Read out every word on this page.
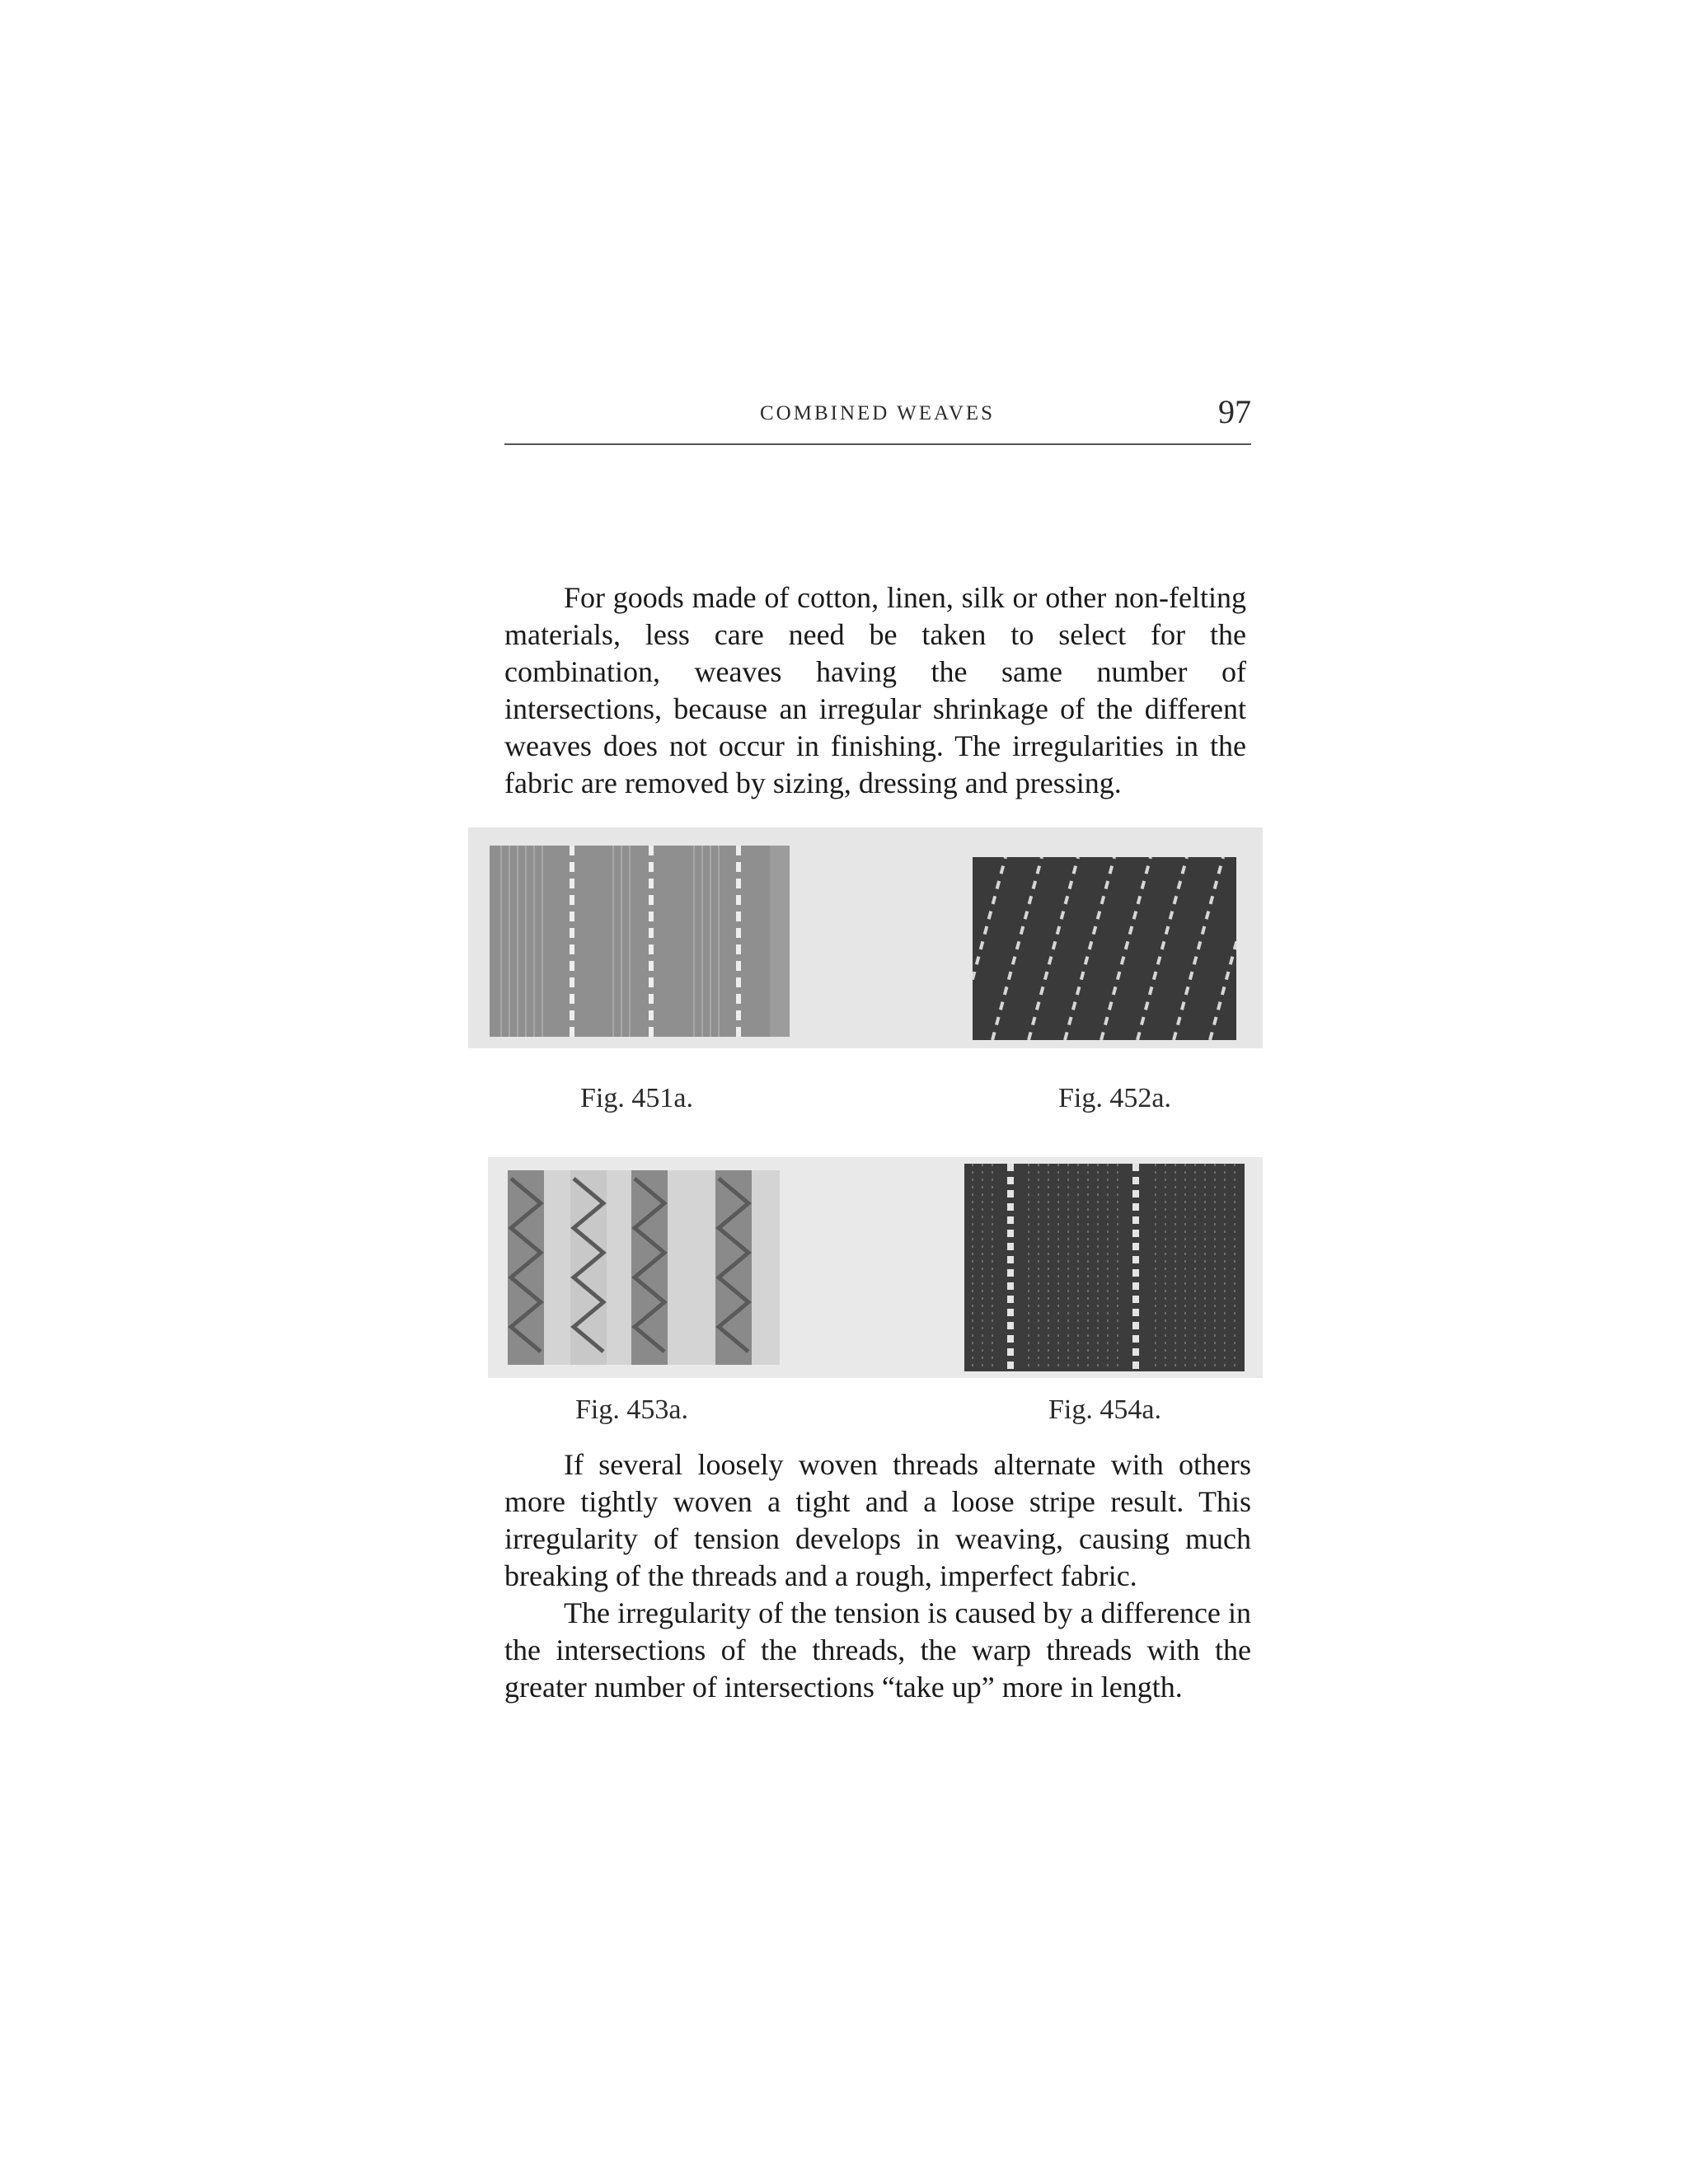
COMBINED WEAVES	97

For goods made of cotton, linen, silk or other non-felting materials, less care need be taken to select for the combination, weaves having the same number of intersections, because an irregular shrinkage of the different weaves does not occur in finishing. The irregularities in the fabric are removed by sizing, dressing and pressing.

Fig. 451a.	Fig. 452a.
Fig. 453a.	Fig. 454a.

If several loosely woven threads alternate with others more tightly woven a tight and a loose stripe result. This irregularity of tension develops in weaving, causing much breaking of the threads and a rough, imperfect fabric.

The irregularity of the tension is caused by a difference in the intersections of the threads, the warp threads with the greater number of intersections “take up” more in length.
